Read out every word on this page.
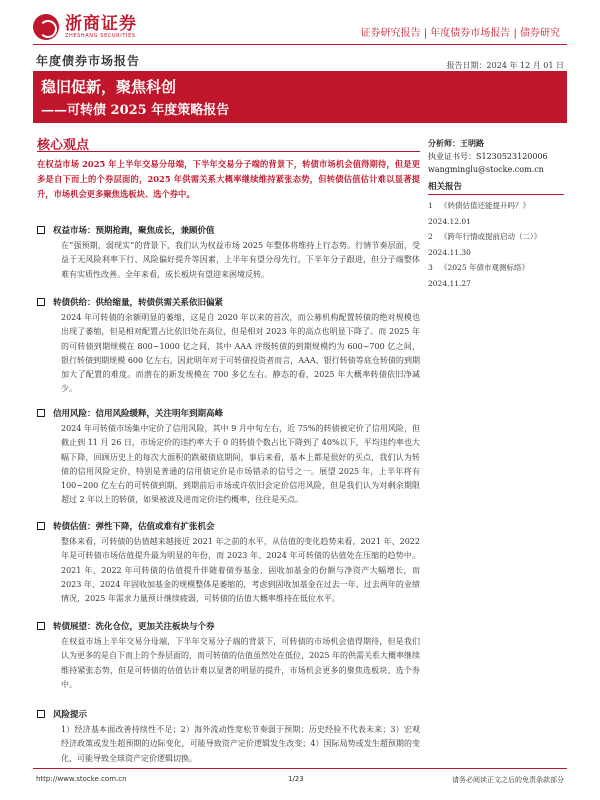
浙商证券
ZHESHANG SECURITIES	证券研究报告 | 年度债券市场报告 | 债券研究
年度债券市场报告	报告日期：2024 年 12 月 01 日
稳旧促新，聚焦科创
——可转债 2025 年度策略报告
核心观点
在权益市场 2025 年上半年交易分母端，下半年交易分子端的背景下，转债市场机会值得期待，但是更多是自下而上的个券层面的，2025 年供需关系大概率继续维持紧张态势，但转债估值估计难以显著提升，市场机会更多聚焦选板块、选个券中。
权益市场：预期抢跑，聚焦成长，兼顾价值
在“强预期，弱现实”的背景下，我们认为权益市场 2025 年整体将维持上行态势。行情节奏层面，受益于无风险利率下行、风险偏好提升等因素，上半年有望分母先行，下半年分子跟进，但分子端整体难有实质性改善。全年来看，成长板块有望迎来困境反转。
转债供给：供给缩量，转债供需关系依旧偏紧
2024 年可转债的余额明显的萎缩，这是自 2020 年以来的首次，而公募机构配置转债的绝对规模也出现了萎缩，但是相对配置占比依旧处在高位，但是相对 2023 年的高点也明显下降了。而 2025 年的可转债到期规模在 800~1000 亿之间，其中 AAA 评级转债的到期规模约为 600~700 亿之间，银行转债到期规模 600 亿左右，因此明年对于可转债投资者而言，AAA、银行转债等底仓转债的到期加大了配置的难度。而潜在的新发规模在 700 多亿左右。静态的看，2025 年大概率转债依旧净减少。
信用风险：信用风险缓释，关注明年到期高峰
2024 年可转债市场集中定价了信用风险，其中 9 月中旬左右，近 75%的转债被定价了信用风险，但截止到 11 月 26 日，市场定价的违约率大于 0 的转债个数占比下降到了 40%以下，平均违约率也大幅下降，回顾历史上的每次大面积的跌破债底期间，事后来看，基本上都是很好的买点，我们认为转债的信用风险定价，特别是普通的信用债定价是市场错杀的信号之一。展望 2025 年，上半年将有 100~200 亿左右的可转债到期，到期前后市场或许依旧会定价信用风险，但是我们认为对剩余期限超过 2 年以上的转债，如果被波及进而定价违约概率，往往是买点。
转债估值：弹性下降，估值或难有扩张机会
整体来看，可转债的估值越来越接近 2021 年之前的水平，从估值的变化趋势来看，2021 年、2022 年是可转债市场估值提升最为明显的年份，而 2023 年、2024 年可转债的估值处在压缩的趋势中。2021 年、2022 年可转债的估值提升伴随着债券基金、固收加基金的份额与净资产大幅增长，而 2023 年、2024 年固收加基金的规模整体是萎缩的，考虑到固收加基金在过去一年、过去两年的业绩情况，2025 年需求力量预计继续疲弱，可转债的估值大概率维持在低位水平。
转债展望：洗化仓位，更加关注板块与个券
在权益市场上半年交易分母端，下半年交易分子端的背景下，可转债的市场机会值得期待，但是我们认为更多的是自下而上的个券层面的，而可转债的估值虽然处在低位，2025 年的供需关系大概率继续维持紧张态势，但是可转债的估值估计难以显著的明显的提升，市场机会更多的聚焦选板块、选个券中。
风险提示
1）经济基本面改善持续性不足；2）海外流动性宽松节奏弱于预期；历史经验不代表未来；3）宏观经济政策或发生超预期的边际变化，可能导致资产定价逻辑发生改变；4）国际局势或发生超预期的变化，可能导致全球资产定价逻辑切换。
分析师：王明路
执业证书号：S1230523120006
wangminglu@stocke.com.cn
相关报告
1 《转债估值还能提升吗？》
2024.12.01
2 《跨年行情或提前启动（二）》
2024.11.30
3 《2025 年债市观测标络》
2024.11.27
http://www.stocke.com.cn	1/23	请务必阅读正文之后的免责条款部分
